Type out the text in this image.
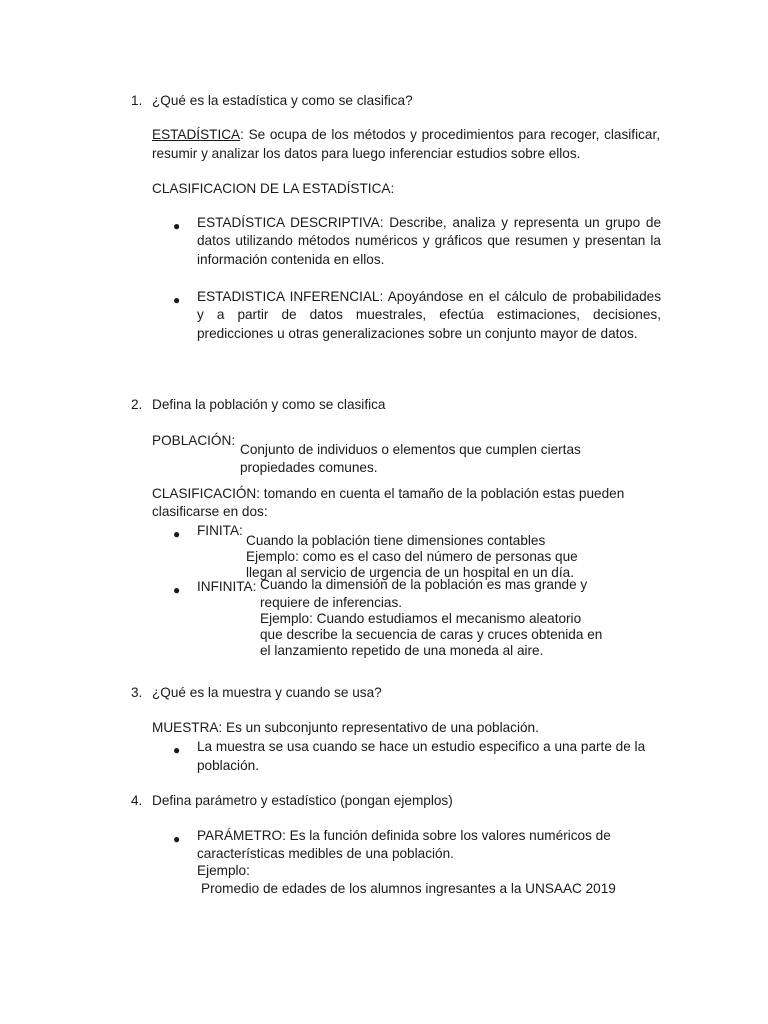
1. ¿Qué es la estadística y como se clasifica?
ESTADÍSTICA: Se ocupa de los métodos y procedimientos para recoger, clasificar, resumir y analizar los datos para luego inferenciar estudios sobre ellos.
CLASIFICACION DE LA ESTADÍSTICA:
● ESTADÍSTICA DESCRIPTIVA: Describe, analiza y representa un grupo de datos utilizando métodos numéricos y gráficos que resumen y presentan la información contenida en ellos.
● ESTADISTICA INFERENCIAL: Apoyándose en el cálculo de probabilidades y a partir de datos muestrales, efectúa estimaciones, decisiones, predicciones u otras generalizaciones sobre un conjunto mayor de datos.
2. Defina la población y como se clasifica
POBLACIÓN:
Conjunto de individuos o elementos que cumplen ciertas
propiedades comunes.
CLASIFICACIÓN: tomando en cuenta el tamaño de la población estas pueden
clasificarse en dos:
● FINITA:
Cuando la población tiene dimensiones contables
Ejemplo: como es el caso del número de personas que
llegan al servicio de urgencia de un hospital en un día.
● INFINITA: Cuando la dimensión de la población es mas grande y
requiere de inferencias.
Ejemplo: Cuando estudiamos el mecanismo aleatorio
que describe la secuencia de caras y cruces obtenida en
el lanzamiento repetido de una moneda al aire.
3. ¿Qué es la muestra y cuando se usa?
MUESTRA: Es un subconjunto representativo de una población.
● La muestra se usa cuando se hace un estudio especifico a una parte de la
población.
4. Defina parámetro y estadístico (pongan ejemplos)
● PARÁMETRO: Es la función definida sobre los valores numéricos de
características medibles de una población.
Ejemplo:
Promedio de edades de los alumnos ingresantes a la UNSAAC 2019
